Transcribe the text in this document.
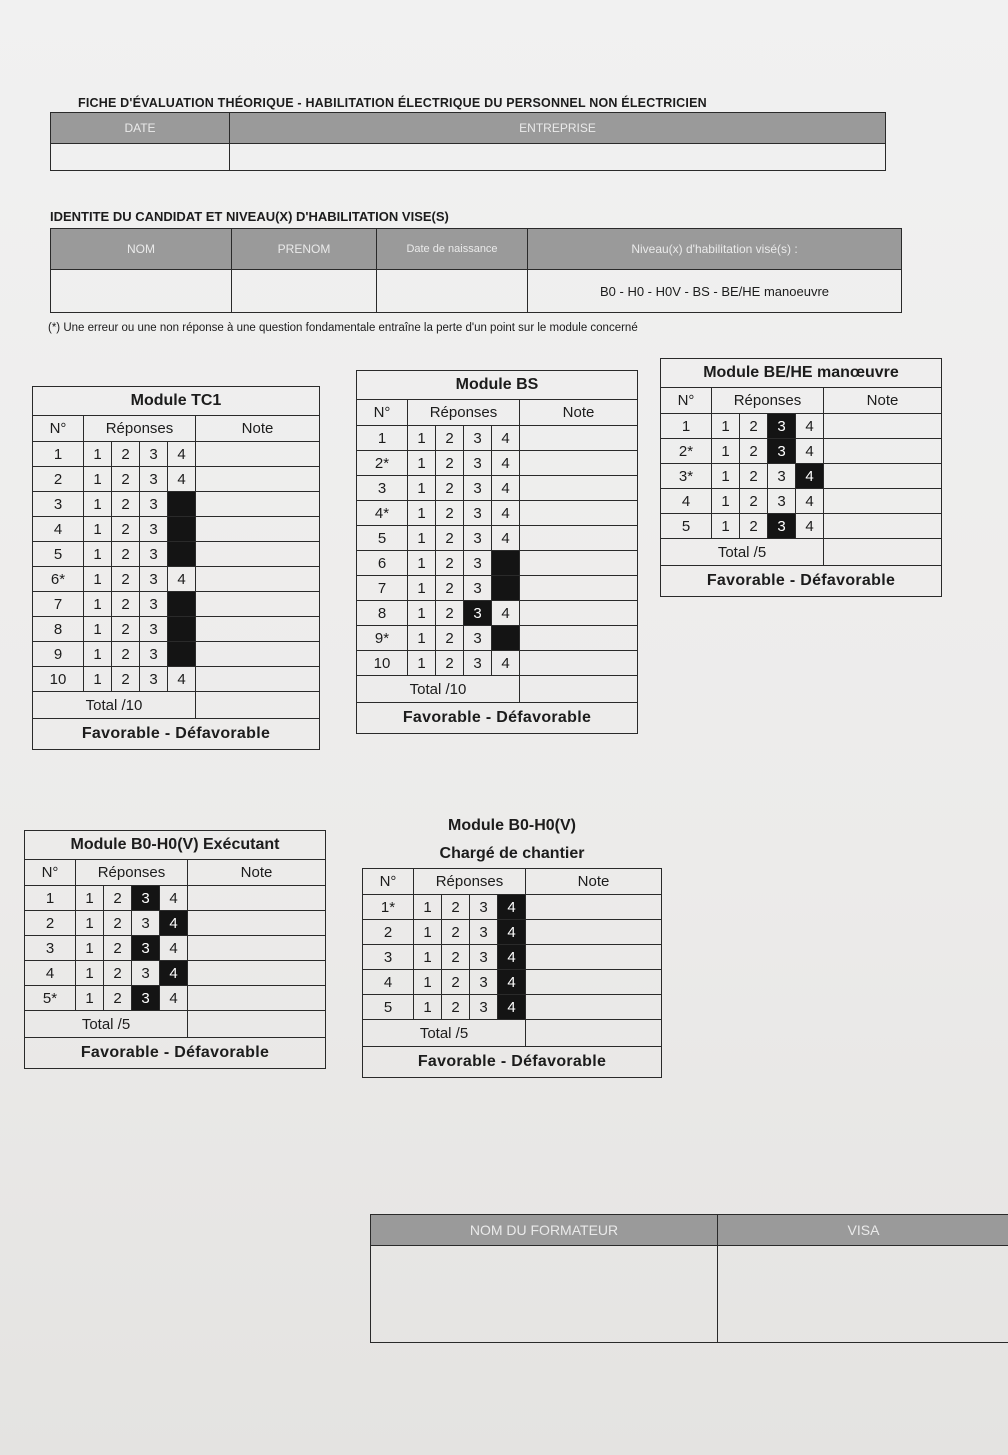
FICHE D'ÉVALUATION THÉORIQUE - HABILITATION ÉLECTRIQUE DU PERSONNEL NON ÉLECTRICIEN
DATE	ENTREPRISE

IDENTITE DU CANDIDAT ET NIVEAU(X) D'HABILITATION VISE(S)
NOM	PRENOM	Date de naissance	Niveau(x) d'habilitation visé(s) :
			B0 - H0 - H0V - BS - BE/HE manoeuvre
(*) Une erreur ou une non réponse à une question fondamentale entraîne la perte d'un point sur le module concerné
Module TC1					
N°	Réponses				Note
1	1	2	3	4	
2	1	2	3	4	
3	1	2	3		
4	1	2	3		
5	1	2	3		
6*	1	2	3	4	
7	1	2	3		
8	1	2	3		
9	1	2	3		
10	1	2	3	4	
Total /10					
Favorable - Défavorable					
Module BS					
N°	Réponses				Note
1	1	2	3	4	
2*	1	2	3	4	
3	1	2	3	4	
4*	1	2	3	4	
5	1	2	3	4	
6	1	2	3		
7	1	2	3		
8	1	2	3	4	
9*	1	2	3		
10	1	2	3	4	
Total /10					
Favorable - Défavorable					
Module BE/HE manœuvre					
N°	Réponses				Note
1	1	2	3	4	
2*	1	2	3	4	
3*	1	2	3	4	
4	1	2	3	4	
5	1	2	3	4	
Total /5					
Favorable - Défavorable					
Module B0-H0(V) Exécutant					
N°	Réponses				Note
1	1	2	3	4	
2	1	2	3	4	
3	1	2	3	4	
4	1	2	3	4	
5*	1	2	3	4	
Total /5					
Favorable - Défavorable					
Module B0-H0(V)					
Chargé de chantier					
N°	Réponses				Note
1*	1	2	3	4	
2	1	2	3	4	
3	1	2	3	4	
4	1	2	3	4	
5	1	2	3	4	
Total /5					
Favorable - Défavorable					
NOM DU FORMATEUR	VISA
